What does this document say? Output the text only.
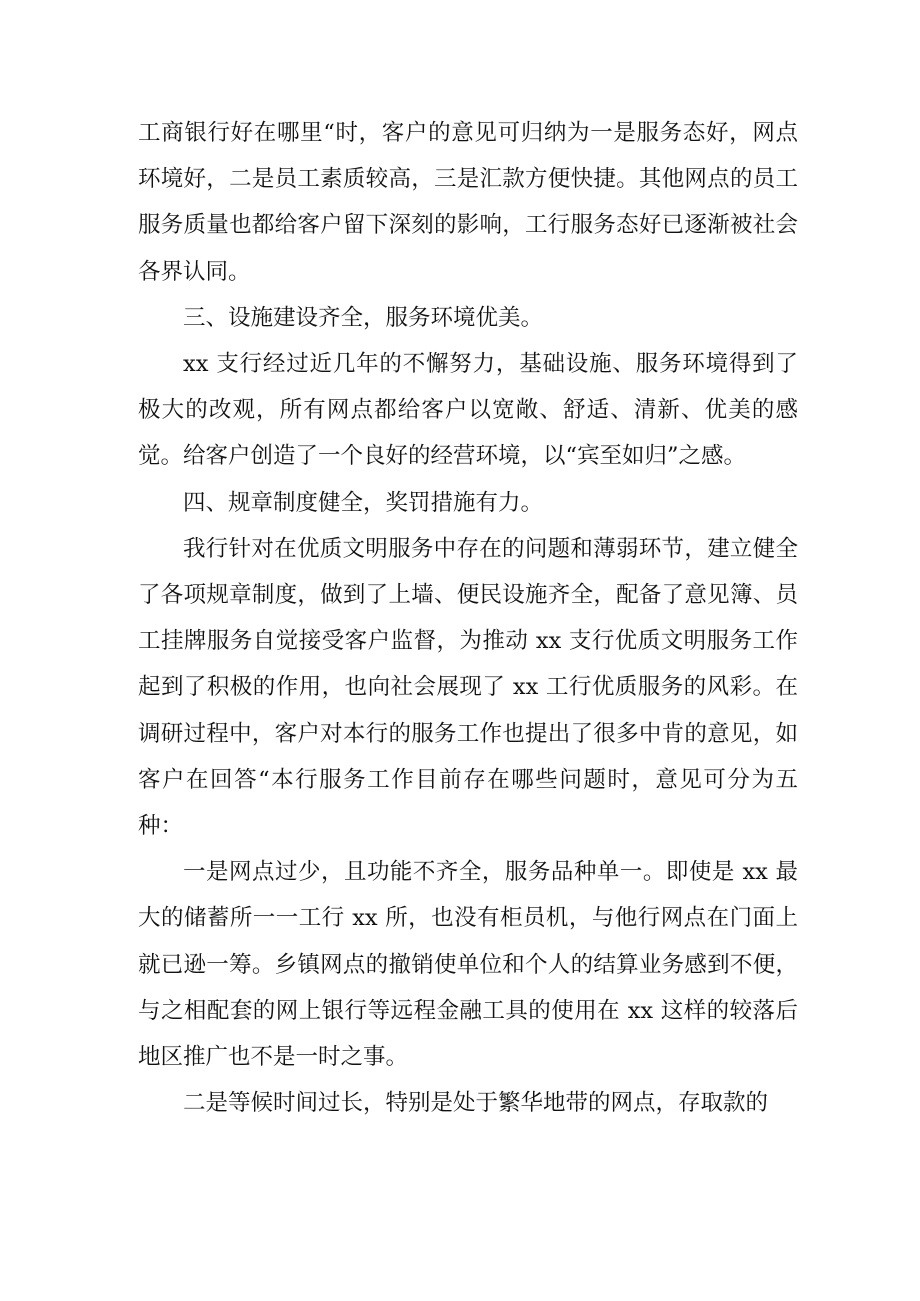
工商银行好在哪里“时，客户的意见可归纳为一是服务态好，网点环境好，二是员工素质较高，三是汇款方便快捷。其他网点的员工服务质量也都给客户留下深刻的影响，工行服务态好已逐渐被社会各界认同。

三、设施建设齐全，服务环境优美。

xx 支行经过近几年的不懈努力，基础设施、服务环境得到了极大的改观，所有网点都给客户以宽敞、舒适、清新、优美的感觉。给客户创造了一个良好的经营环境，以“宾至如归”之感。

四、规章制度健全，奖罚措施有力。

我行针对在优质文明服务中存在的问题和薄弱环节，建立健全了各项规章制度，做到了上墙、便民设施齐全，配备了意见簿、员工挂牌服务自觉接受客户监督，为推动 xx 支行优质文明服务工作起到了积极的作用，也向社会展现了 xx 工行优质服务的风彩。在调研过程中，客户对本行的服务工作也提出了很多中肯的意见，如客户在回答“本行服务工作目前存在哪些问题时，意见可分为五种：

一是网点过少，且功能不齐全，服务品种单一。即使是 xx 最大的储蓄所一一工行 xx 所，也没有柜员机，与他行网点在门面上就已逊一筹。乡镇网点的撤销使单位和个人的结算业务感到不便，与之相配套的网上银行等远程金融工具的使用在 xx 这样的较落后地区推广也不是一时之事。

二是等候时间过长，特别是处于繁华地带的网点，存取款的
